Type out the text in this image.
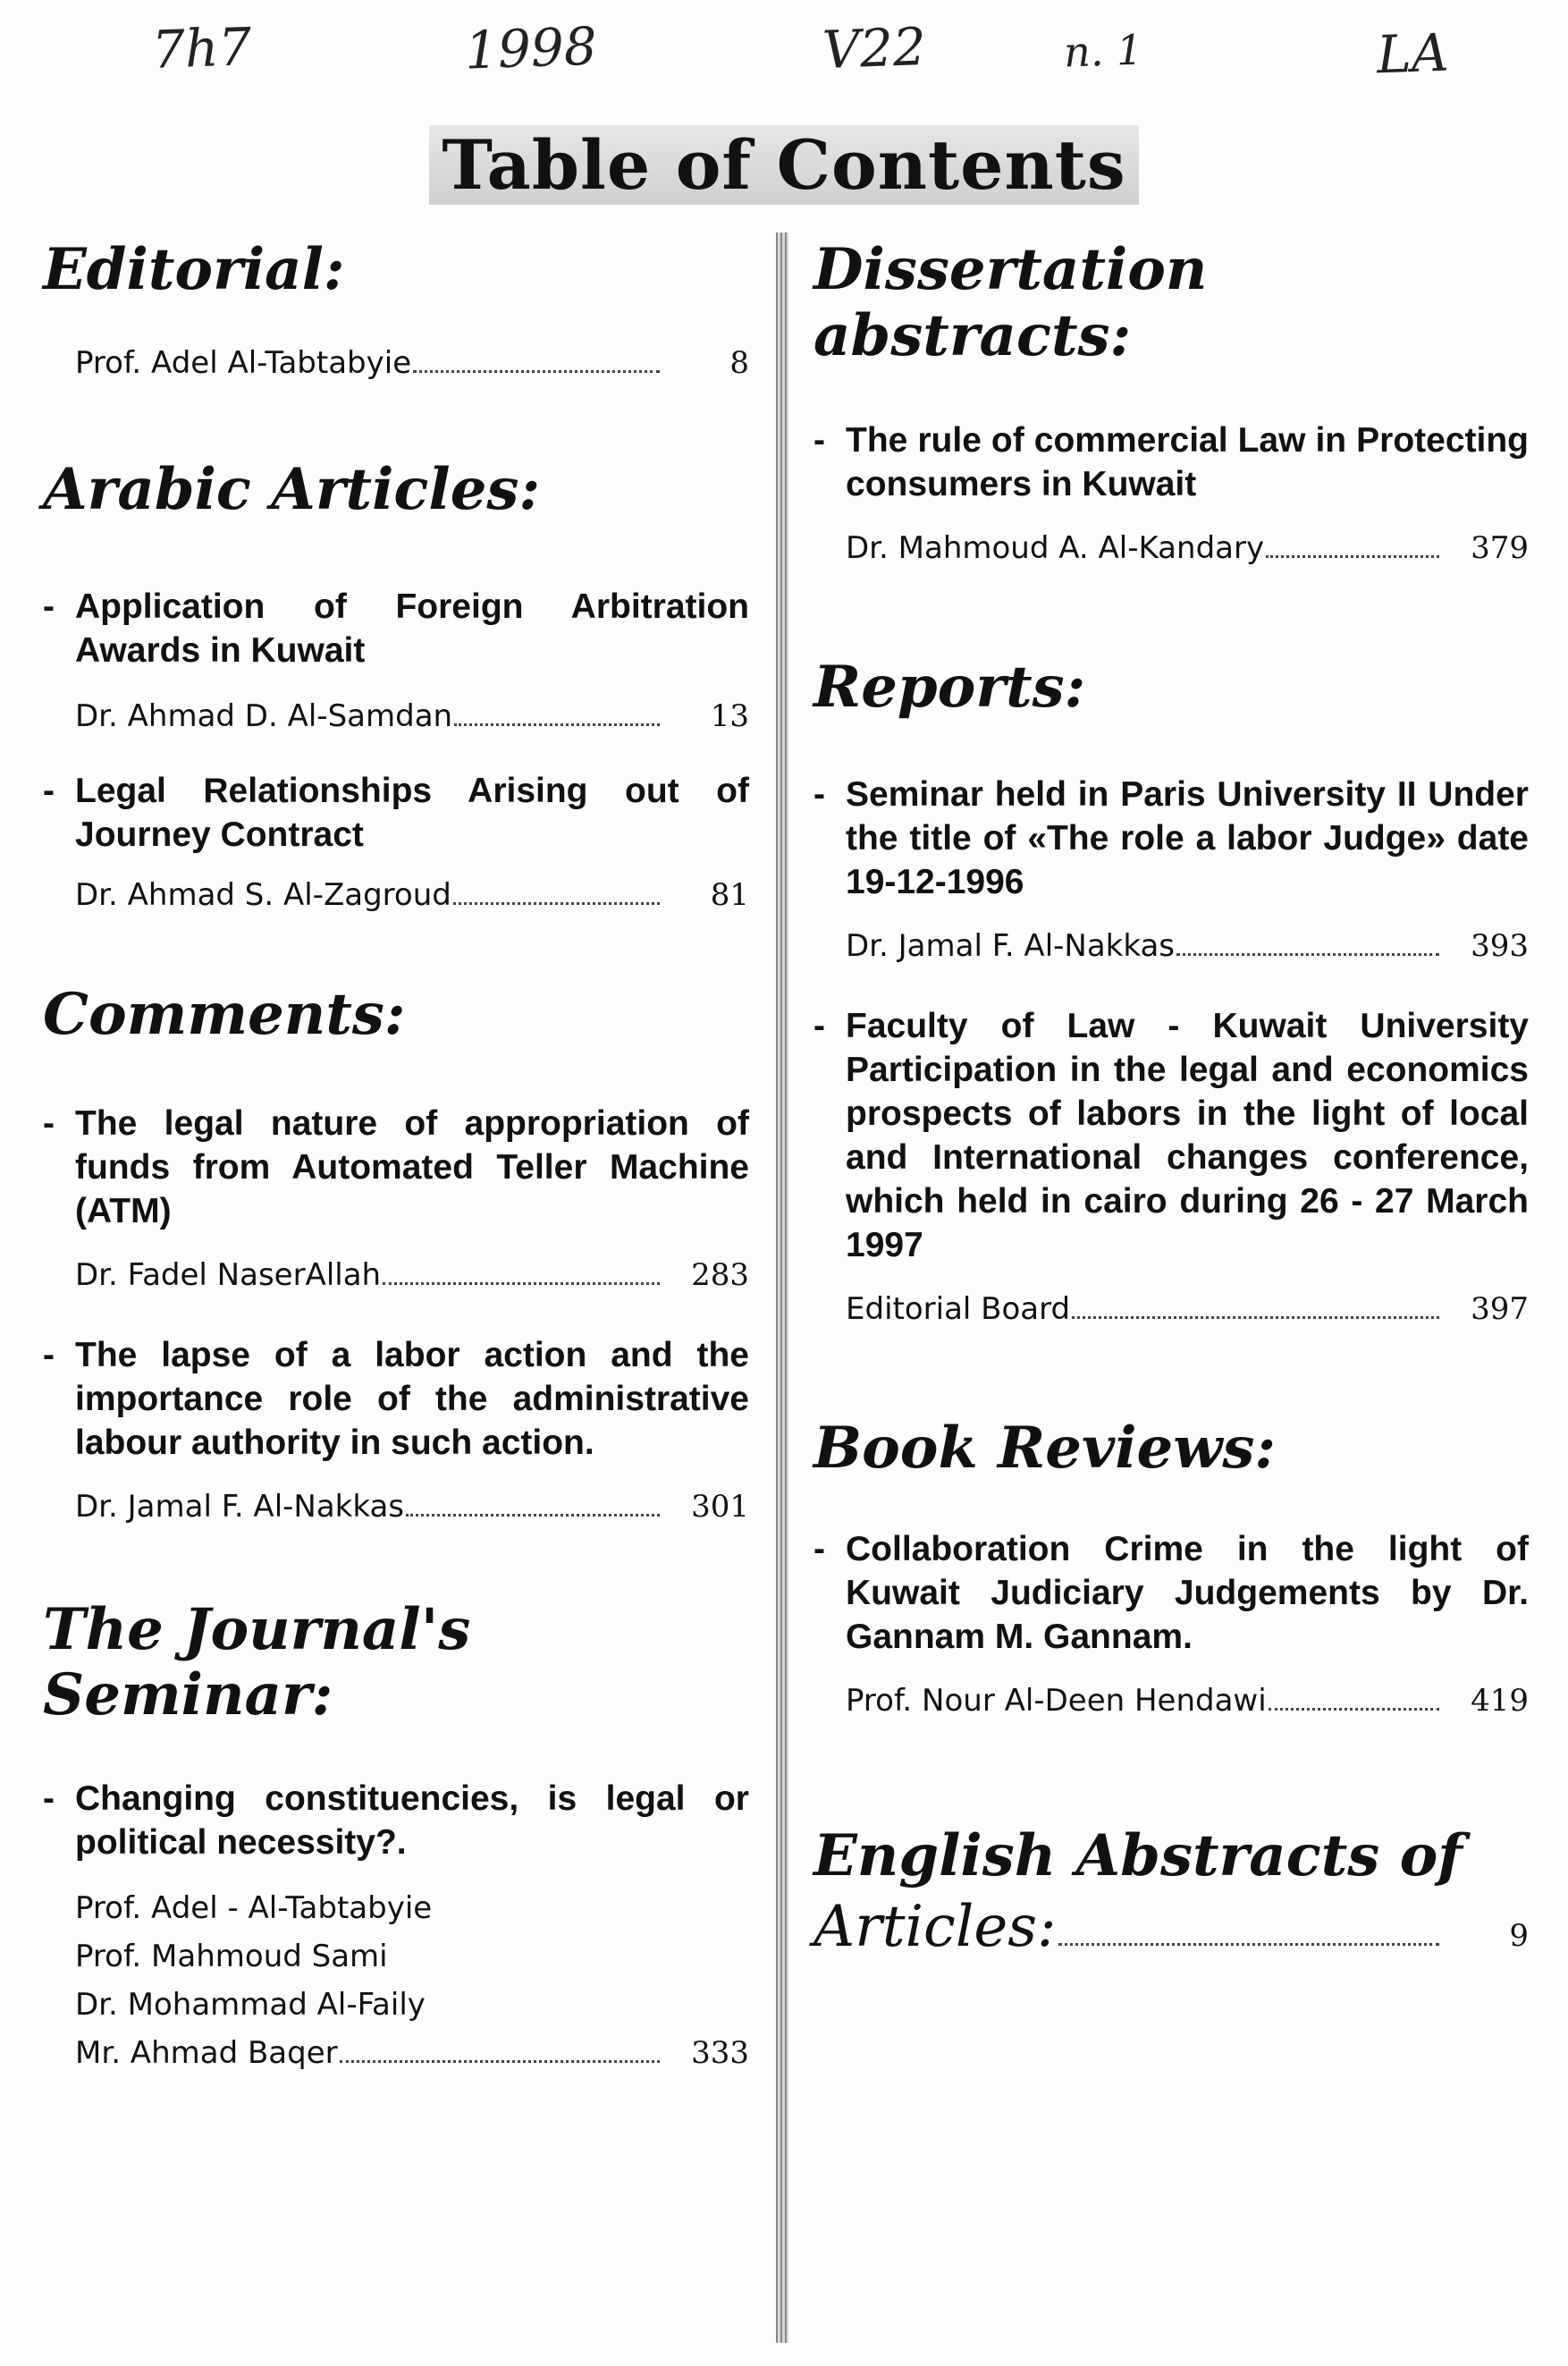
7h7	1998	V22	n. 1	LA
Table of Contents
Editorial:
Prof. Adel Al-Tabtabyie	8
Arabic Articles:

- Application of Foreign Arbitration Awards in Kuwait

Dr. Ahmad D. Al-Samdan	13

- Legal Relationships Arising out of Journey Contract

Dr. Ahmad S. Al-Zagroud	81
Comments:

- The legal nature of appropriation of funds from Automated Teller Machine (ATM)

Dr. Fadel NaserAllah	283

- The lapse of a labor action and the importance role of the administrative labour authority in such action.

Dr. Jamal F. Al-Nakkas	301
The Journal's Seminar:

- Changing constituencies, is legal or political necessity?.

Prof. Adel - Al-Tabtabyie
Prof. Mahmoud Sami
Dr. Mohammad Al-Faily
Mr. Ahmad Baqer	333
Dissertation abstracts:

- The rule of commercial Law in Protecting consumers in Kuwait

Dr. Mahmoud A. Al-Kandary	379
Reports:

- Seminar held in Paris University II Under the title of «The role a labor Judge» date 19-12-1996

Dr. Jamal F. Al-Nakkas	393

- Faculty of Law - Kuwait University Participation in the legal and economics prospects of labors in the light of local and International changes conference, which held in cairo during 26 - 27 March 1997

Editorial Board	397
Book Reviews:

- Collaboration Crime in the light of Kuwait Judiciary Judgements by Dr. Gannam M. Gannam.

Prof. Nour Al-Deen Hendawi	419
English Abstracts of
Articles:	9
